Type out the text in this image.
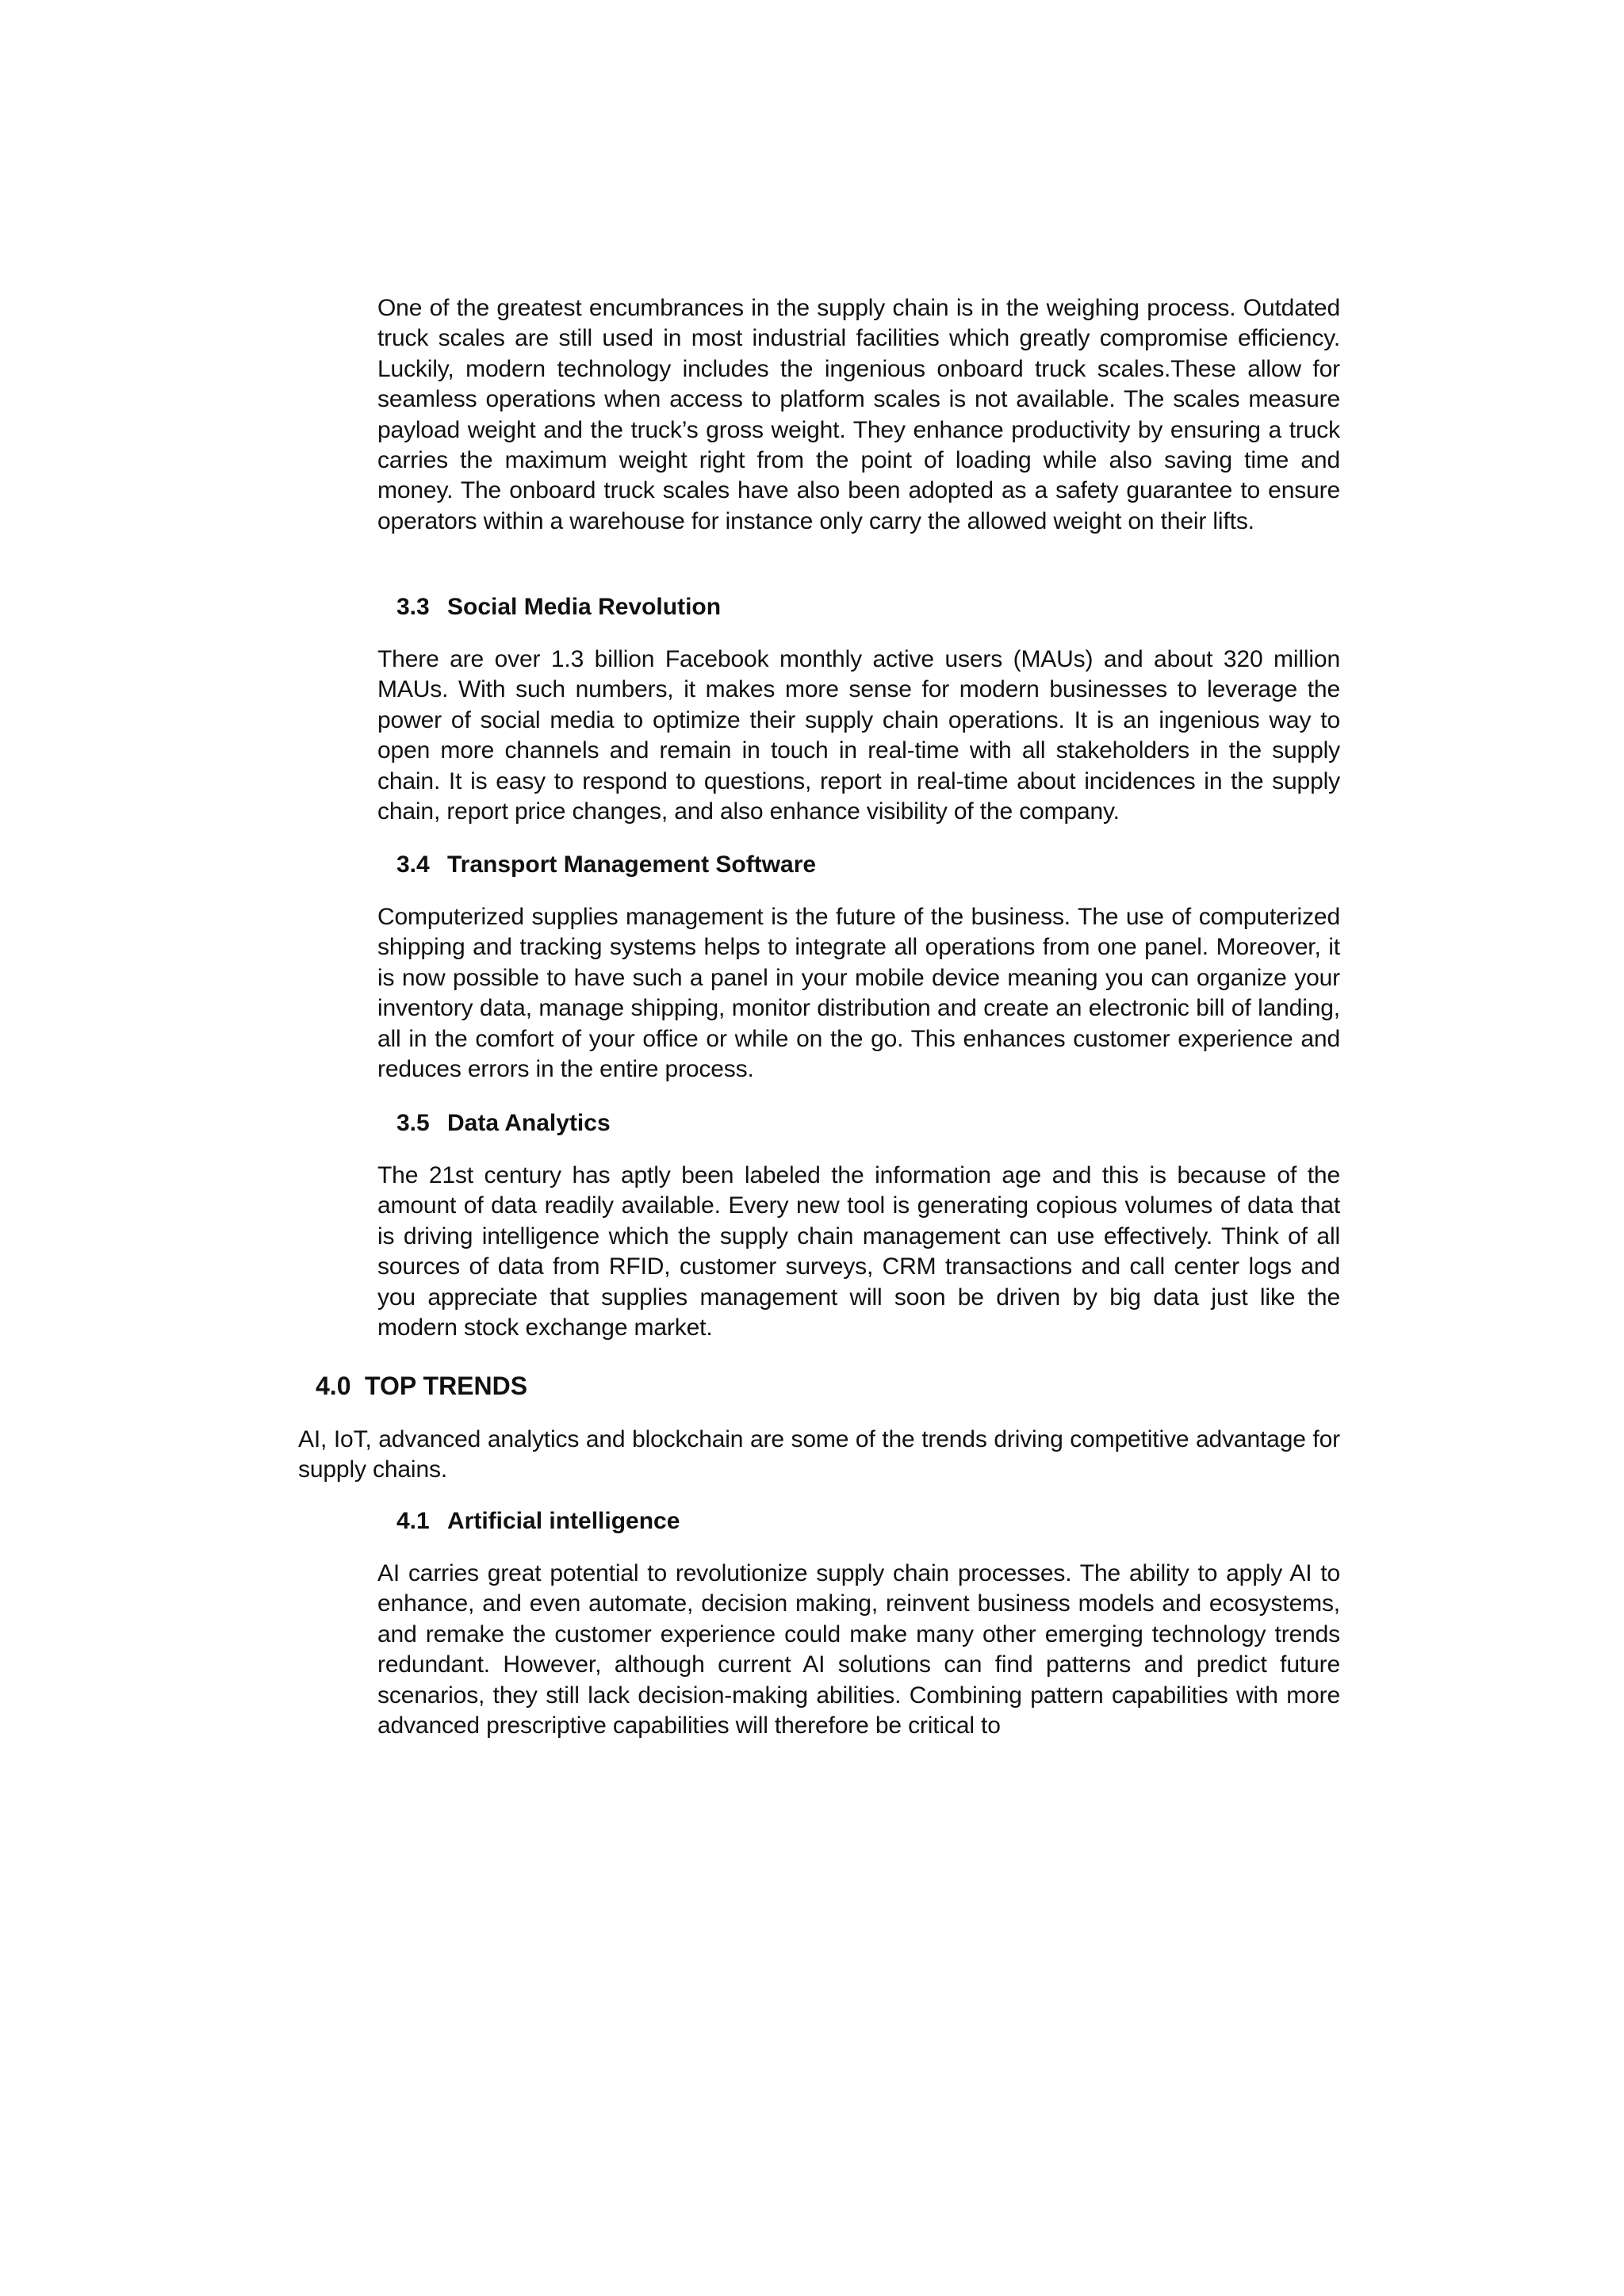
One of the greatest encumbrances in the supply chain is in the weighing process. Outdated truck scales are still used in most industrial facilities which greatly compromise efficiency. Luckily, modern technology includes the ingenious onboard truck scales.These allow for seamless operations when access to platform scales is not available. The scales measure payload weight and the truck’s gross weight. They enhance productivity by ensuring a truck carries the maximum weight right from the point of loading while also saving time and money. The onboard truck scales have also been adopted as a safety guarantee to ensure operators within a warehouse for instance only carry the allowed weight on their lifts.

3.3 Social Media Revolution

There are over 1.3 billion Facebook monthly active users (MAUs) and about 320 million MAUs. With such numbers, it makes more sense for modern businesses to leverage the power of social media to optimize their supply chain operations. It is an ingenious way to open more channels and remain in touch in real-time with all stakeholders in the supply chain. It is easy to respond to questions, report in real-time about incidences in the supply chain, report price changes, and also enhance visibility of the company.

3.4 Transport Management Software

Computerized supplies management is the future of the business. The use of computerized shipping and tracking systems helps to integrate all operations from one panel. Moreover, it is now possible to have such a panel in your mobile device meaning you can organize your inventory data, manage shipping, monitor distribution and create an electronic bill of landing, all in the comfort of your office or while on the go. This enhances customer experience and reduces errors in the entire process.

3.5 Data Analytics

The 21st century has aptly been labeled the information age and this is because of the amount of data readily available. Every new tool is generating copious volumes of data that is driving intelligence which the supply chain management can use effectively. Think of all sources of data from RFID, customer surveys, CRM transactions and call center logs and you appreciate that supplies management will soon be driven by big data just like the modern stock exchange market.

4.0 TOP TRENDS

AI, IoT, advanced analytics and blockchain are some of the trends driving competitive advantage for supply chains.

4.1 Artificial intelligence

AI carries great potential to revolutionize supply chain processes. The ability to apply AI to enhance, and even automate, decision making, reinvent business models and ecosystems, and remake the customer experience could make many other emerging technology trends redundant. However, although current AI solutions can find patterns and predict future scenarios, they still lack decision-making abilities. Combining pattern capabilities with more advanced prescriptive capabilities will therefore be critical to
